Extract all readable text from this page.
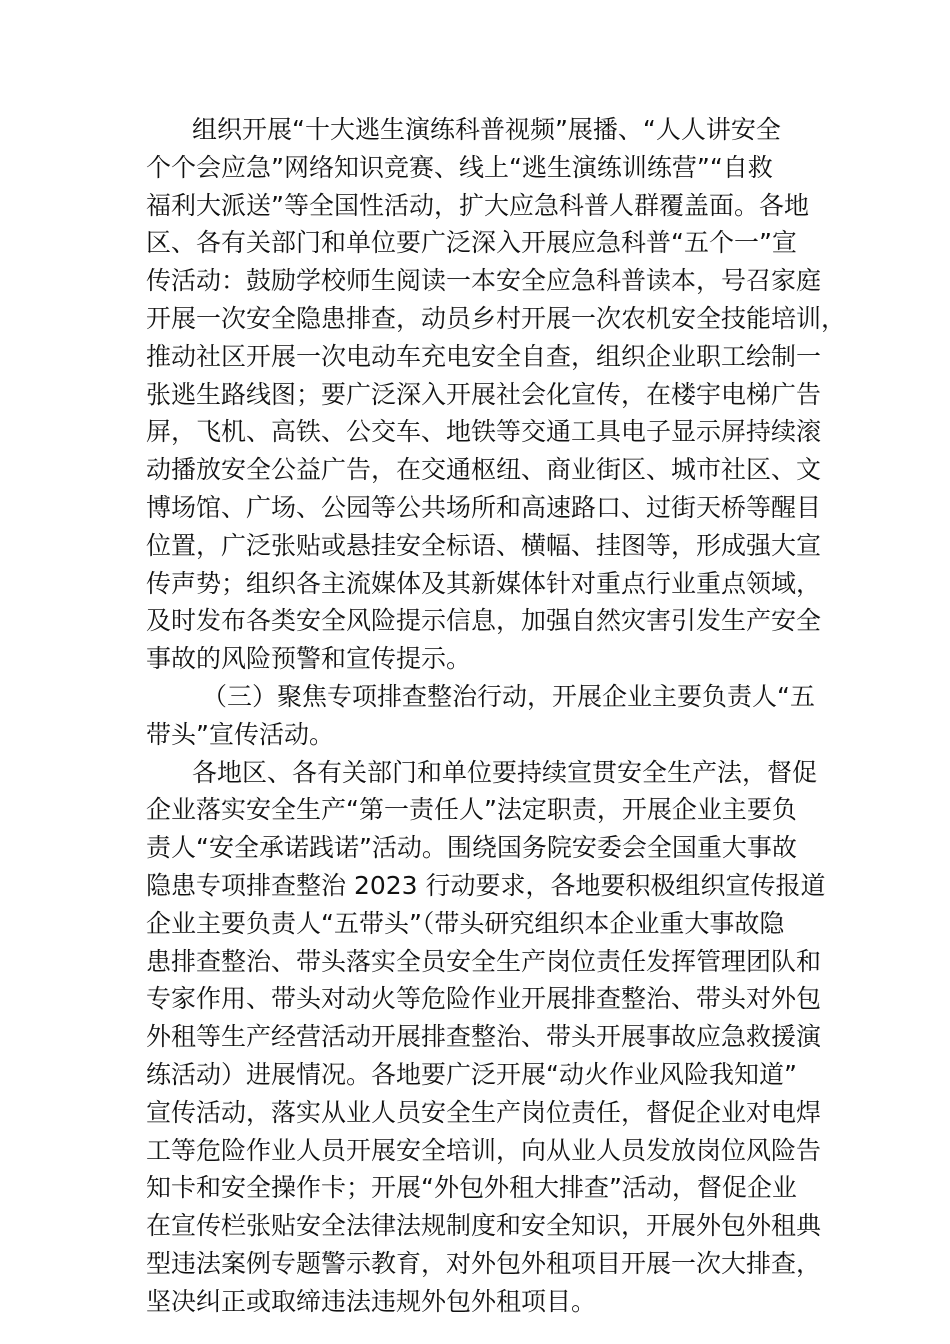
组织开展“十大逃生演练科普视频”展播、“人人讲安全
个个会应急”网络知识竞赛、线上“逃生演练训练营”“自救
福利大派送”等全国性活动，扩大应急科普人群覆盖面。各地
区、各有关部门和单位要广泛深入开展应急科普“五个一”宣
传活动：鼓励学校师生阅读一本安全应急科普读本，号召家庭
开展一次安全隐患排查，动员乡村开展一次农机安全技能培训，
推动社区开展一次电动车充电安全自查，组织企业职工绘制一
张逃生路线图；要广泛深入开展社会化宣传，在楼宇电梯广告
屏，飞机、高铁、公交车、地铁等交通工具电子显示屏持续滚
动播放安全公益广告，在交通枢纽、商业街区、城市社区、文
博场馆、广场、公园等公共场所和高速路口、过街天桥等醒目
位置，广泛张贴或悬挂安全标语、横幅、挂图等，形成强大宣
传声势；组织各主流媒体及其新媒体针对重点行业重点领域，
及时发布各类安全风险提示信息，加强自然灾害引发生产安全
事故的风险预警和宣传提示。
（三）聚焦专项排查整治行动，开展企业主要负责人“五
带头”宣传活动。
各地区、各有关部门和单位要持续宣贯安全生产法，督促
企业落实安全生产“第一责任人”法定职责，开展企业主要负
责人“安全承诺践诺”活动。围绕国务院安委会全国重大事故
隐患专项排查整治 2023 行动要求，各地要积极组织宣传报道
企业主要负责人“五带头”（带头研究组织本企业重大事故隐
患排查整治、带头落实全员安全生产岗位责任发挥管理团队和
专家作用、带头对动火等危险作业开展排查整治、带头对外包
外租等生产经营活动开展排查整治、带头开展事故应急救援演
练活动）进展情况。各地要广泛开展“动火作业风险我知道”
宣传活动，落实从业人员安全生产岗位责任，督促企业对电焊
工等危险作业人员开展安全培训，向从业人员发放岗位风险告
知卡和安全操作卡；开展“外包外租大排查”活动，督促企业
在宣传栏张贴安全法律法规制度和安全知识，开展外包外租典
型违法案例专题警示教育，对外包外租项目开展一次大排查，
坚决纠正或取缔违法违规外包外租项目。
